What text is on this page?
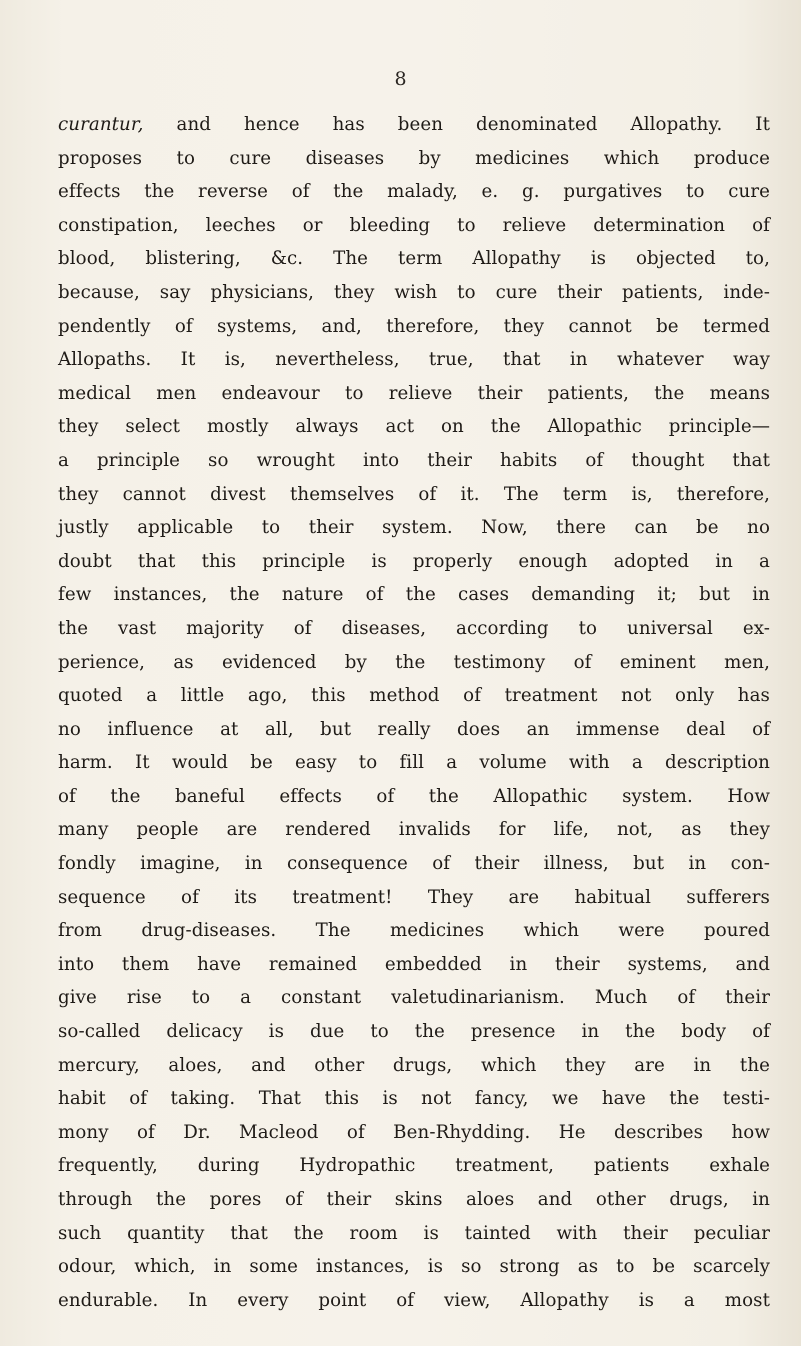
8
curantur, and hence has been denominated Allopathy. It
proposes to cure diseases by medicines which produce
effects the reverse of the malady, e. g. purgatives to cure
constipation, leeches or bleeding to relieve determination of
blood, blistering, &c. The term Allopathy is objected to,
because, say physicians, they wish to cure their patients, inde-
pendently of systems, and, therefore, they cannot be termed
Allopaths. It is, nevertheless, true, that in whatever way
medical men endeavour to relieve their patients, the means
they select mostly always act on the Allopathic principle—
a principle so wrought into their habits of thought that
they cannot divest themselves of it. The term is, therefore,
justly applicable to their system. Now, there can be no
doubt that this principle is properly enough adopted in a
few instances, the nature of the cases demanding it; but in
the vast majority of diseases, according to universal ex-
perience, as evidenced by the testimony of eminent men,
quoted a little ago, this method of treatment not only has
no influence at all, but really does an immense deal of
harm. It would be easy to fill a volume with a description
of the baneful effects of the Allopathic system. How
many people are rendered invalids for life, not, as they
fondly imagine, in consequence of their illness, but in con-
sequence of its treatment! They are habitual sufferers
from drug-diseases. The medicines which were poured
into them have remained embedded in their systems, and
give rise to a constant valetudinarianism. Much of their
so-called delicacy is due to the presence in the body of
mercury, aloes, and other drugs, which they are in the
habit of taking. That this is not fancy, we have the testi-
mony of Dr. Macleod of Ben-Rhydding. He describes how
frequently, during Hydropathic treatment, patients exhale
through the pores of their skins aloes and other drugs, in
such quantity that the room is tainted with their peculiar
odour, which, in some instances, is so strong as to be scarcely
endurable. In every point of view, Allopathy is a most
